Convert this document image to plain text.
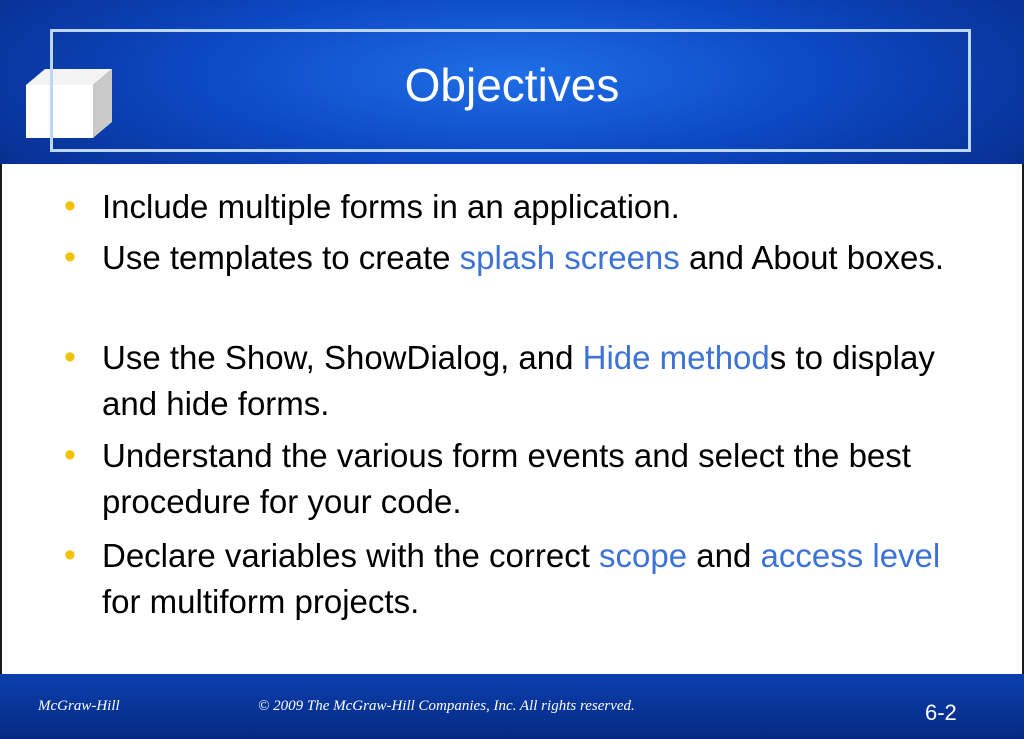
Objectives
• Include multiple forms in an application.
• Use templates to create splash screens and About boxes.
• Use the Show, ShowDialog, and Hide methods to display and hide forms.
• Understand the various form events and select the best procedure for your code.
• Declare variables with the correct scope and access level for multiform projects.
McGraw-Hill	© 2009 The McGraw-Hill Companies, Inc. All rights reserved.	6-2
